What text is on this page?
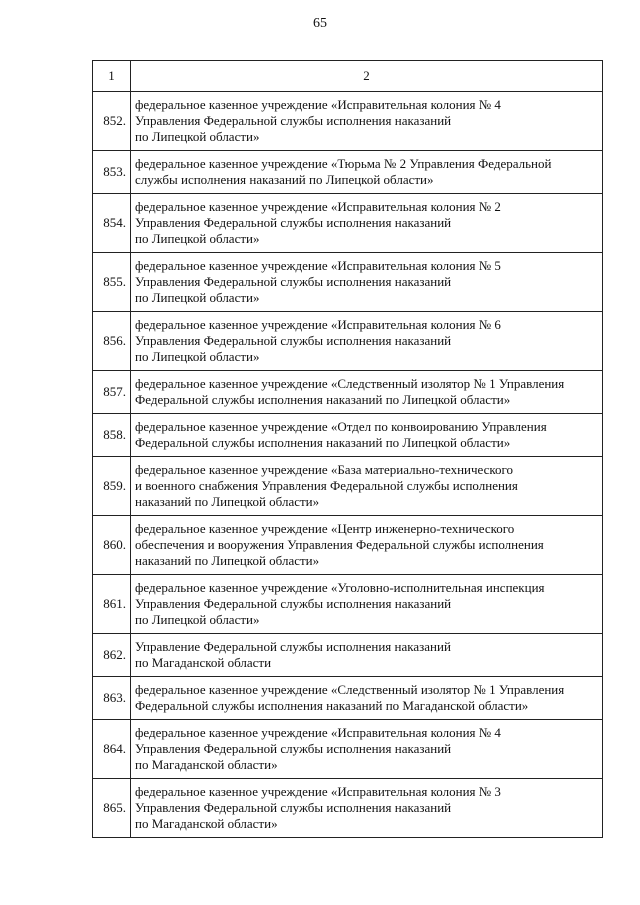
65
1	2
852.	федеральное казенное учреждение «Исправительная колония № 4
Управления Федеральной службы исполнения наказаний
по Липецкой области»
853.	федеральное казенное учреждение «Тюрьма № 2 Управления Федеральной
службы исполнения наказаний по Липецкой области»
854.	федеральное казенное учреждение «Исправительная колония № 2
Управления Федеральной службы исполнения наказаний
по Липецкой области»
855.	федеральное казенное учреждение «Исправительная колония № 5
Управления Федеральной службы исполнения наказаний
по Липецкой области»
856.	федеральное казенное учреждение «Исправительная колония № 6
Управления Федеральной службы исполнения наказаний
по Липецкой области»
857.	федеральное казенное учреждение «Следственный изолятор № 1 Управления
Федеральной службы исполнения наказаний по Липецкой области»
858.	федеральное казенное учреждение «Отдел по конвоированию Управления
Федеральной службы исполнения наказаний по Липецкой области»
859.	федеральное казенное учреждение «База материально-технического
и военного снабжения Управления Федеральной службы исполнения
наказаний по Липецкой области»
860.	федеральное казенное учреждение «Центр инженерно-технического
обеспечения и вооружения Управления Федеральной службы исполнения
наказаний по Липецкой области»
861.	федеральное казенное учреждение «Уголовно-исполнительная инспекция
Управления Федеральной службы исполнения наказаний
по Липецкой области»
862.	Управление Федеральной службы исполнения наказаний
по Магаданской области
863.	федеральное казенное учреждение «Следственный изолятор № 1 Управления
Федеральной службы исполнения наказаний по Магаданской области»
864.	федеральное казенное учреждение «Исправительная колония № 4
Управления Федеральной службы исполнения наказаний
по Магаданской области»
865.	федеральное казенное учреждение «Исправительная колония № 3
Управления Федеральной службы исполнения наказаний
по Магаданской области»
